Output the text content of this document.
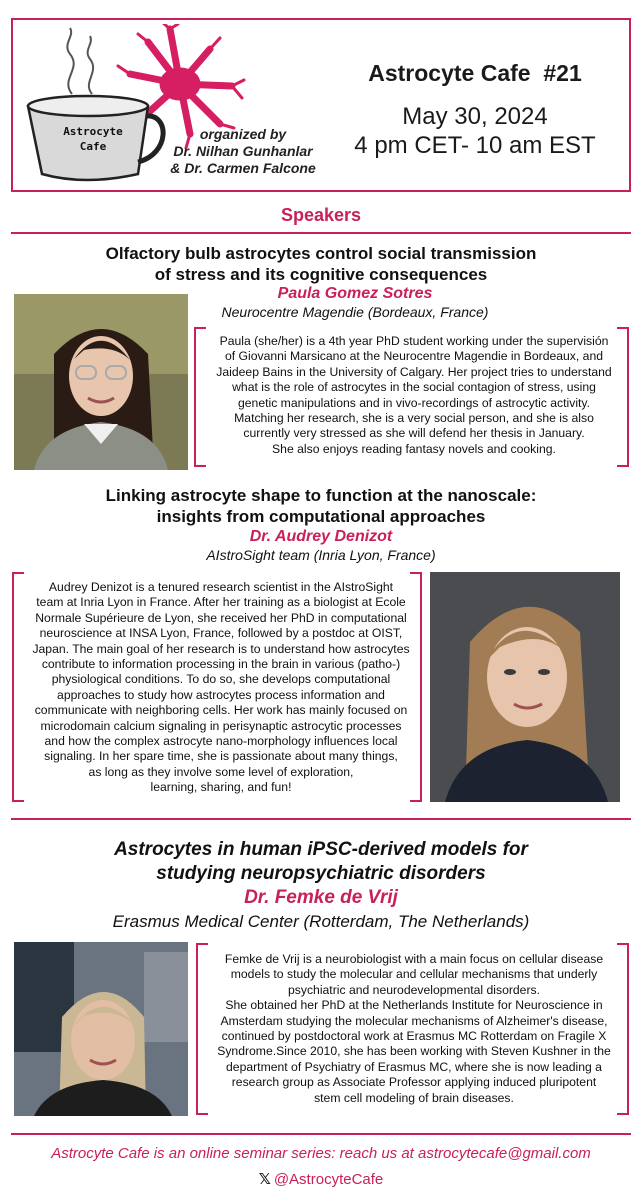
Astrocyte
Cafe
organized by
Dr. Nilhan Gunhanlar
& Dr. Carmen Falcone
Astrocyte Cafe  #21
May 30, 2024
4 pm CET- 10 am EST
Speakers
Olfactory bulb astrocytes control social transmission
of stress and its cognitive consequences
Paula Gomez Sotres
Neurocentre Magendie (Bordeaux, France)
Paula (she/her) is a 4th year PhD student working under the supervisión
of Giovanni Marsicano at the Neurocentre Magendie in Bordeaux, and
Jaideep Bains in the University of Calgary. Her project tries to understand
what is the role of astrocytes in the social contagion of stress, using
genetic manipulations and in vivo-recordings of astrocytic activity.
Matching her research, she is a very social person, and she is also
currently very stressed as she will defend her thesis in January.
She also enjoys reading fantasy novels and cooking.
Linking astrocyte shape to function at the nanoscale:
insights from computational approaches
Dr. Audrey Denizot
AIstroSight team (Inria Lyon, France)
Audrey Denizot is a tenured research scientist in the AIstroSight
team at Inria Lyon in France. After her training as a biologist at Ecole
Normale Supérieure de Lyon, she received her PhD in computational
neuroscience at INSA Lyon, France, followed by a postdoc at OIST,
Japan. The main goal of her research is to understand how astrocytes
contribute to information processing in the brain in various (patho-)
physiological conditions. To do so, she develops computational
approaches to study how astrocytes process information and
communicate with neighboring cells. Her work has mainly focused on
microdomain calcium signaling in perisynaptic astrocytic processes
and how the complex astrocyte nano-morphology influences local
signaling. In her spare time, she is passionate about many things,
as long as they involve some level of exploration,
learning, sharing, and fun!
Astrocytes in human iPSC-derived models for
studying neuropsychiatric disorders
Dr. Femke de Vrij
Erasmus Medical Center (Rotterdam, The Netherlands)
Femke de Vrij is a neurobiologist with a main focus on cellular disease
models to study the molecular and cellular mechanisms that underly
psychiatric and neurodevelopmental disorders.
She obtained her PhD at the Netherlands Institute for Neuroscience in
Amsterdam studying the molecular mechanisms of Alzheimer's disease,
continued by postdoctoral work at Erasmus MC Rotterdam on Fragile X
Syndrome.Since 2010, she has been working with Steven Kushner in the
department of Psychiatry of Erasmus MC, where she is now leading a
research group as Associate Professor applying induced pluripotent
stem cell modeling of brain diseases.
Astrocyte Cafe is an online seminar series: reach us at astrocytecafe@gmail.com
𝕏 @AstrocyteCafe
